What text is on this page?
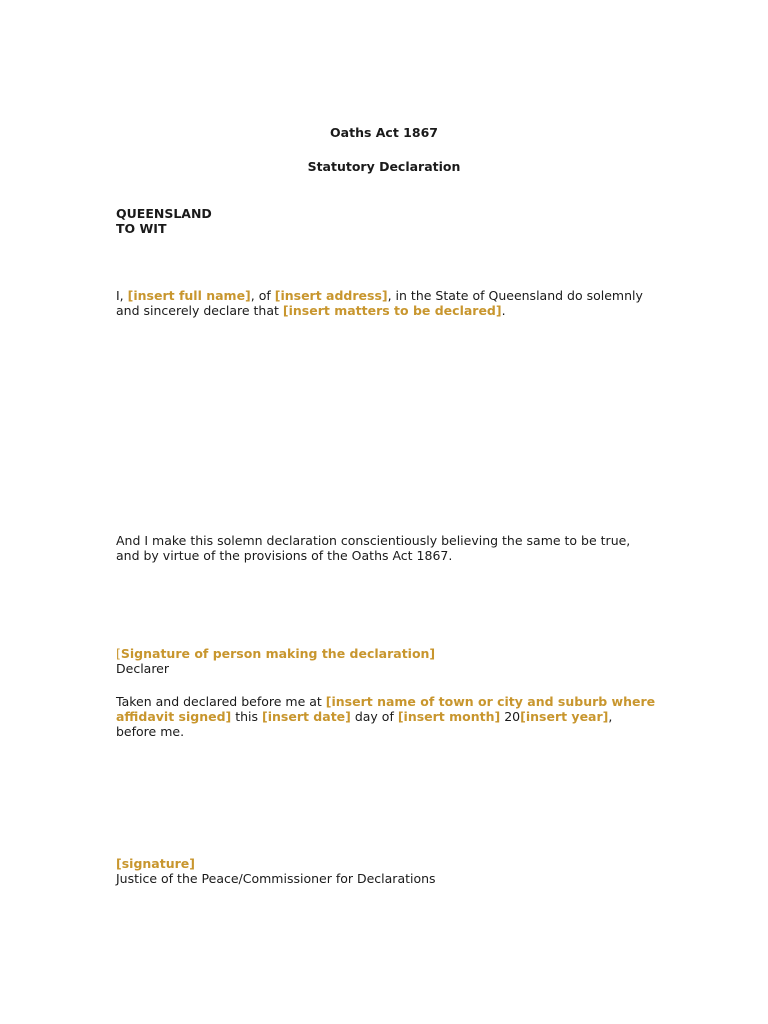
Oaths Act 1867

Statutory Declaration

QUEENSLAND
TO WIT

I, [insert full name], of [insert address], in the State of Queensland do solemnly and sincerely declare that [insert matters to be declared].

And I make this solemn declaration conscientiously believing the same to be true, and by virtue of the provisions of the Oaths Act 1867.

[Signature of person making the declaration]
Declarer

Taken and declared before me at [insert name of town or city and suburb where affidavit signed] this [insert date] day of [insert month] 20[insert year], before me.

[signature]
Justice of the Peace/Commissioner for Declarations
